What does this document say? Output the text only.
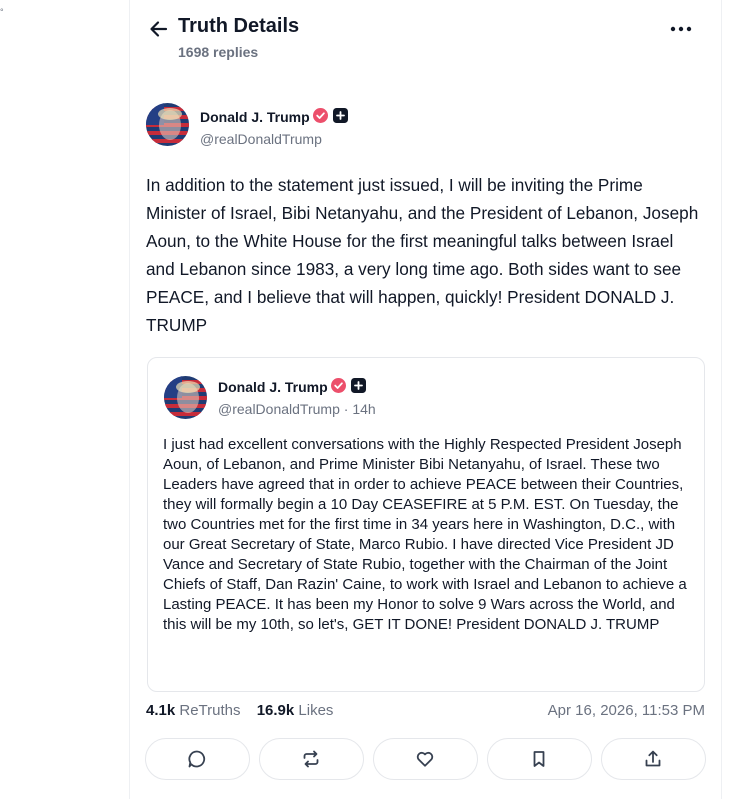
°
Truth Details
1698 replies
Donald J. Trump
@realDonaldTrump
In addition to the statement just issued, I will be inviting the Prime Minister of Israel, Bibi Netanyahu, and the President of Lebanon, Joseph Aoun, to the White House for the first meaningful talks between Israel and Lebanon since 1983, a very long time ago. Both sides want to see PEACE, and I believe that will happen, quickly! President DONALD J. TRUMP
Donald J. Trump
@realDonaldTrump · 14h
I just had excellent conversations with the Highly Respected President Joseph Aoun, of Lebanon, and Prime Minister Bibi Netanyahu, of Israel. These two Leaders have agreed that in order to achieve PEACE between their Countries, they will formally begin a 10 Day CEASEFIRE at 5 P.M. EST. On Tuesday, the two Countries met for the first time in 34 years here in Washington, D.C., with our Great Secretary of State, Marco Rubio. I have directed Vice President JD Vance and Secretary of State Rubio, together with the Chairman of the Joint Chiefs of Staff, Dan Razin' Caine, to work with Israel and Lebanon to achieve a Lasting PEACE. It has been my Honor to solve 9 Wars across the World, and this will be my 10th, so let's, GET IT DONE! President DONALD J. TRUMP
4.1k ReTruths 16.9k Likes	Apr 16, 2026, 11:53 PM
